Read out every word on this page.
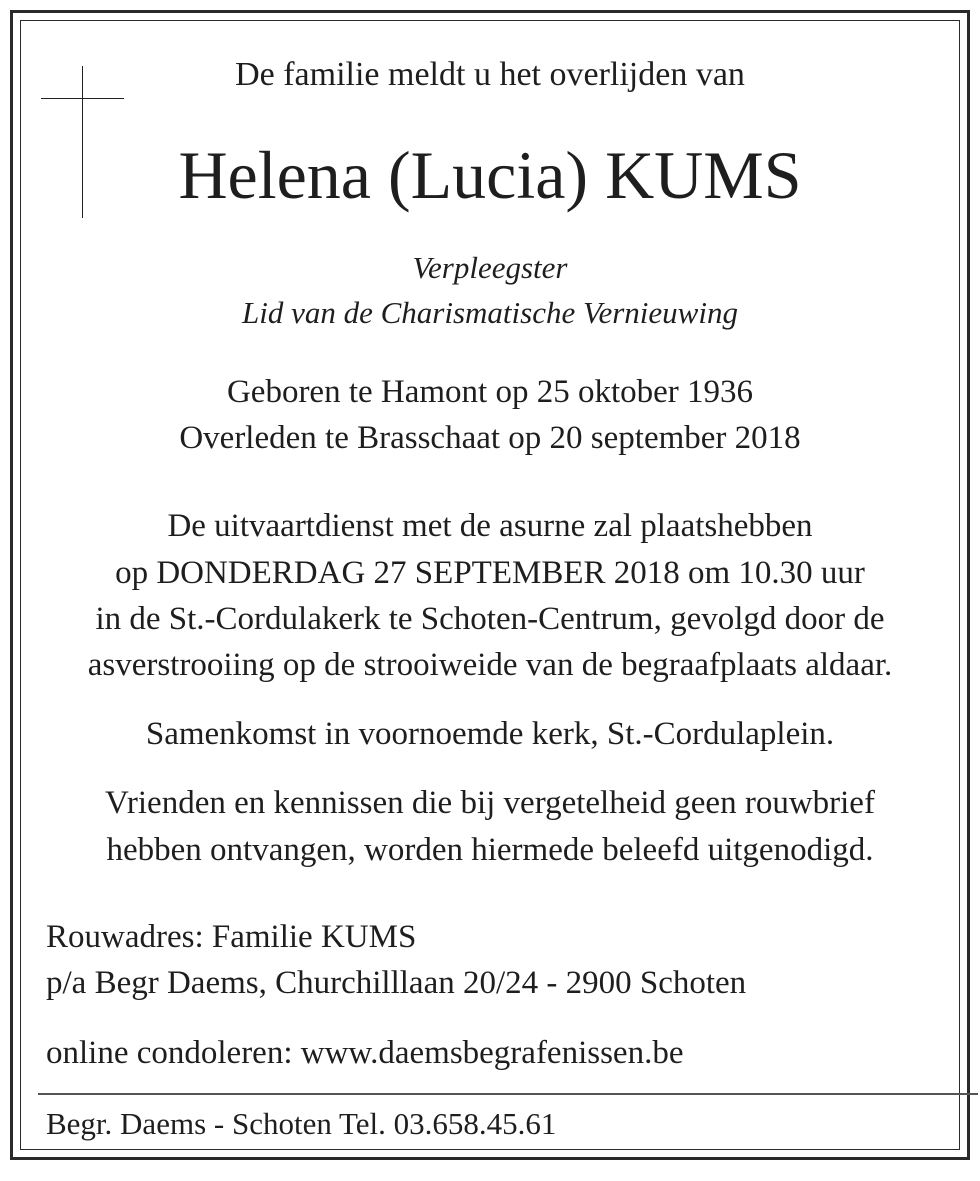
De familie meldt u het overlijden van
Helena (Lucia) KUMS
Verpleegster
Lid van de Charismatische Vernieuwing
Geboren te Hamont op 25 oktober 1936
Overleden te Brasschaat op 20 september 2018
De uitvaartdienst met de asurne zal plaatshebben
op DONDERDAG 27 SEPTEMBER 2018 om 10.30 uur
in de St.-Cordulakerk te Schoten-Centrum, gevolgd door de
asverstrooiing op de strooiweide van de begraafplaats aldaar.
Samenkomst in voornoemde kerk, St.-Cordulaplein.
Vrienden en kennissen die bij vergetelheid geen rouwbrief
hebben ontvangen, worden hiermede beleefd uitgenodigd.
Rouwadres: Familie KUMS
p/a Begr Daems, Churchilllaan 20/24 - 2900 Schoten
online condoleren: www.daemsbegrafenissen.be
Begr. Daems - Schoten Tel. 03.658.45.61
